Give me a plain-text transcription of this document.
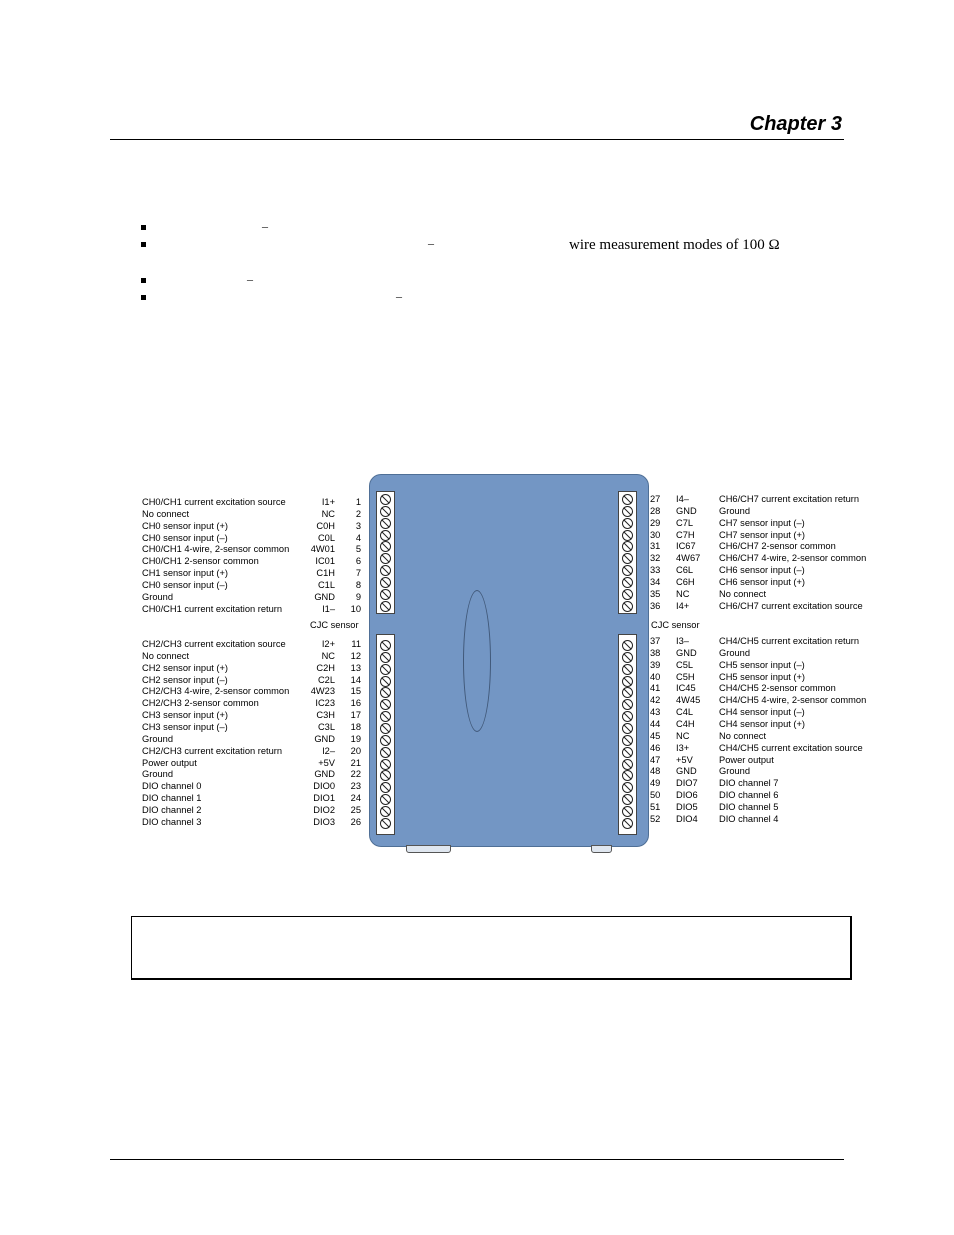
Chapter 3
–
–	wire measurement modes of 100 Ω
–
–
CJC sensor	CJC sensor
CH0/CH1 current excitation source	I1+ 1
No connect	NC 2
CH0 sensor input (+)	C0H 3
CH0 sensor input (–)	C0L 4
CH0/CH1 4-wire, 2-sensor common 4W01 5
CH0/CH1 2-sensor common	IC01 6
CH1 sensor input (+)	C1H 7
CH0 sensor input (–)	C1L 8
Ground	GND 9
CH0/CH1 current excitation return	I1– 10
CH2/CH3 current excitation source	I2+ 11
No connect	NC 12
CH2 sensor input (+)	C2H 13
CH2 sensor input (–)	C2L 14
CH2/CH3 4-wire, 2-sensor common 4W23 15
CH2/CH3 2-sensor common	IC23 16
CH3 sensor input (+)	C3H 17
CH3 sensor input (–)	C3L 18
Ground	GND 19
CH2/CH3 current excitation return	I2– 20
Power output	+5V 21
Ground	GND 22
DIO channel 0	DIO0 23
DIO channel 1	DIO1 24
DIO channel 2	DIO2 25
DIO channel 3	DIO3 26
27 I4–	CH6/CH7 current excitation return
28 GND Ground
29 C7L	CH7 sensor input (–)
30 C7H	CH7 sensor input (+)
31 IC67	CH6/CH7 2-sensor common
32 4W67 CH6/CH7 4-wire, 2-sensor common
33 C6L	CH6 sensor input (–)
34 C6H	CH6 sensor input (+)
35 NC	No connect
36 I4+	CH6/CH7 current excitation source
37 I3–	CH4/CH5 current excitation return
38 GND Ground
39 C5L	CH5 sensor input (–)
40 C5H	CH5 sensor input (+)
41 IC45	CH4/CH5 2-sensor common
42 4W45 CH4/CH5 4-wire, 2-sensor common
43 C4L	CH4 sensor input (–)
44 C4H	CH4 sensor input (+)
45 NC	No connect
46 I3+	CH4/CH5 current excitation source
47 +5V	Power output
48 GND Ground
49 DIO7 DIO channel 7
50 DIO6 DIO channel 6
51 DIO5 DIO channel 5
52 DIO4 DIO channel 4
